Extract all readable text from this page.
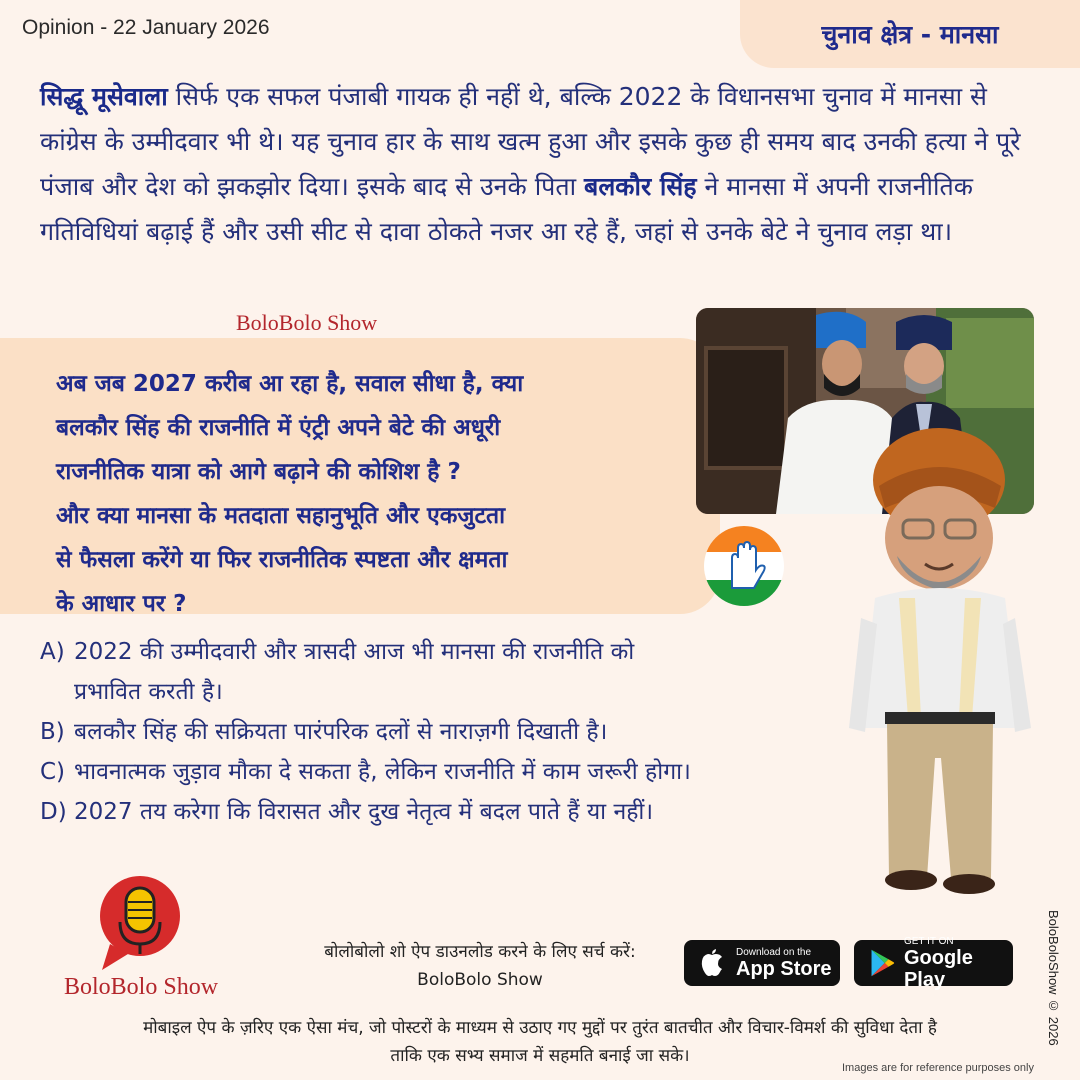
Opinion - 22 January 2026	चुनाव क्षेत्र - मानसा

सिद्धू मूसेवाला सिर्फ एक सफल पंजाबी गायक ही नहीं थे, बल्कि 2022 के विधानसभा चुनाव में मानसा से कांग्रेस के उम्मीदवार भी थे। यह चुनाव हार के साथ खत्म हुआ और इसके कुछ ही समय बाद उनकी हत्या ने पूरे पंजाब और देश को झकझोर दिया। इसके बाद से उनके पिता बलकौर सिंह ने मानसा में अपनी राजनीतिक गतिविधियां बढ़ाई हैं और उसी सीट से दावा ठोकते नजर आ रहे हैं, जहां से उनके बेटे ने चुनाव लड़ा था।

BoloBolo Show
अब जब 2027 करीब आ रहा है, सवाल सीधा है, क्या
बलकौर सिंह की राजनीति में एंट्री अपने बेटे की अधूरी
राजनीतिक यात्रा को आगे बढ़ाने की कोशिश है ?
और क्या मानसा के मतदाता सहानुभूति और एकजुटता
से फैसला करेंगे या फिर राजनीतिक स्पष्टता और क्षमता
के आधार पर ?
A) 2022 की उम्मीदवारी और त्रासदी आज भी मानसा की राजनीति को
प्रभावित करती है।
B) बलकौर सिंह की सक्रियता पारंपरिक दलों से नाराज़गी दिखाती है।
C) भावनात्मक जुड़ाव मौका दे सकता है, लेकिन राजनीति में काम जरूरी होगा।
D) 2027 तय करेगा कि विरासत और दुख नेतृत्व में बदल पाते हैं या नहीं।
BoloBolo Show
बोलोबोलो शो ऐप डाउनलोड करने के लिए सर्च करें:
BoloBolo Show
Download on the
App Store
GET IT ON
Google Play
मोबाइल ऐप के ज़रिए एक ऐसा मंच, जो पोस्टरों के माध्यम से उठाए गए मुद्दों पर तुरंत बातचीत और विचार-विमर्श की सुविधा देता है
ताकि एक सभ्य समाज में सहमति बनाई जा सके।
BoloBoloShow © 2026
Images are for reference purposes only
